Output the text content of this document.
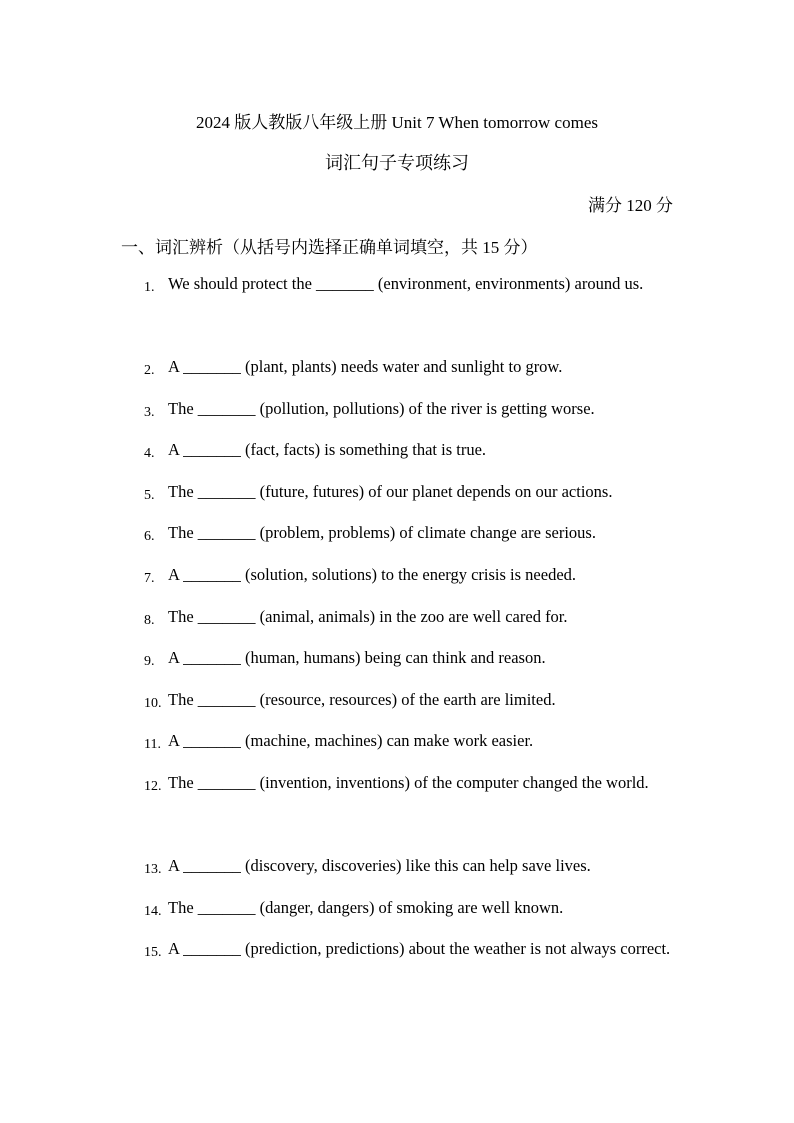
2024 版人教版八年级上册 Unit 7 When tomorrow comes
词汇句子专项练习
满分 120 分
一、词汇辨析（从括号内选择正确单词填空，共 15 分）
1. We should protect the _______ (environment, environments) around us.
2. A _______ (plant, plants) needs water and sunlight to grow.
3. The _______ (pollution, pollutions) of the river is getting worse.
4. A _______ (fact, facts) is something that is true.
5. The _______ (future, futures) of our planet depends on our actions.
6. The _______ (problem, problems) of climate change are serious.
7. A _______ (solution, solutions) to the energy crisis is needed.
8. The _______ (animal, animals) in the zoo are well cared for.
9. A _______ (human, humans) being can think and reason.
10. The _______ (resource, resources) of the earth are limited.
11. A _______ (machine, machines) can make work easier.
12. The _______ (invention, inventions) of the computer changed the world.
13. A _______ (discovery, discoveries) like this can help save lives.
14. The _______ (danger, dangers) of smoking are well known.
15. A _______ (prediction, predictions) about the weather is not always correct.
